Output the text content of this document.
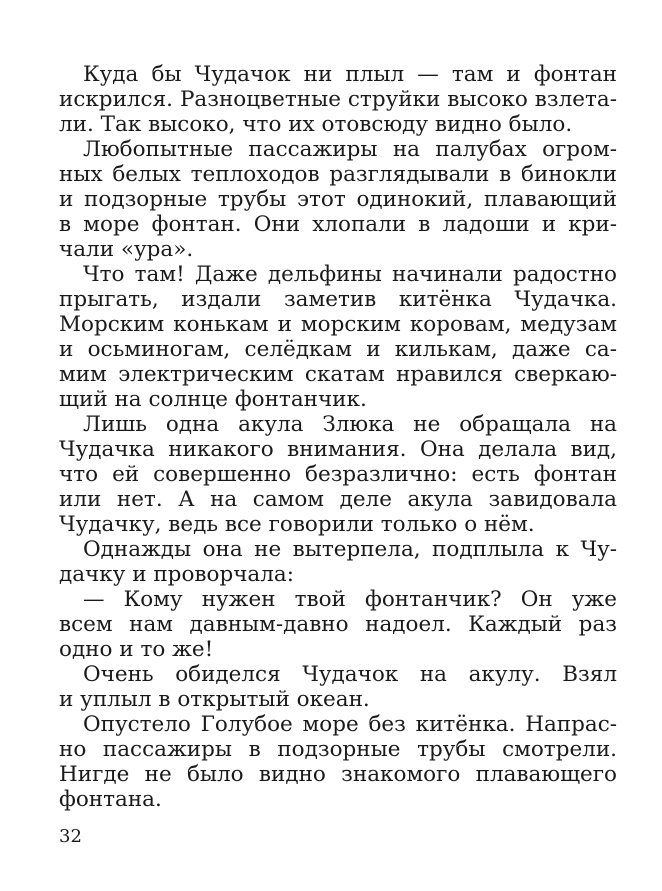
Куда бы Чудачок ни плыл — там и фонтан
искрился. Разноцветные струйки высоко взлета-
ли. Так высоко, что их отовсюду видно было.
Любопытные пассажиры на палубах огром-
ных белых теплоходов разглядывали в бинокли
и подзорные трубы этот одинокий, плавающий
в море фонтан. Они хлопали в ладоши и кри-
чали «ура».
Что там! Даже дельфины начинали радостно
прыгать, издали заметив китёнка Чудачка.
Морским конькам и морским коровам, медузам
и осьминогам, селёдкам и килькам, даже са-
мим электрическим скатам нравился сверкаю-
щий на солнце фонтанчик.
Лишь одна акула Злюка не обращала на
Чудачка никакого внимания. Она делала вид,
что ей совершенно безразлично: есть фонтан
или нет. А на самом деле акула завидовала
Чудачку, ведь все говорили только о нём.
Однажды она не вытерпела, подплыла к Чу-
дачку и проворчала:
— Кому нужен твой фонтанчик? Он уже
всем нам давным-давно надоел. Каждый раз
одно и то же!
Очень обиделся Чудачок на акулу. Взял
и уплыл в открытый океан.
Опустело Голубое море без китёнка. Напрас-
но пассажиры в подзорные трубы смотрели.
Нигде не было видно знакомого плавающего
фонтана.
32
